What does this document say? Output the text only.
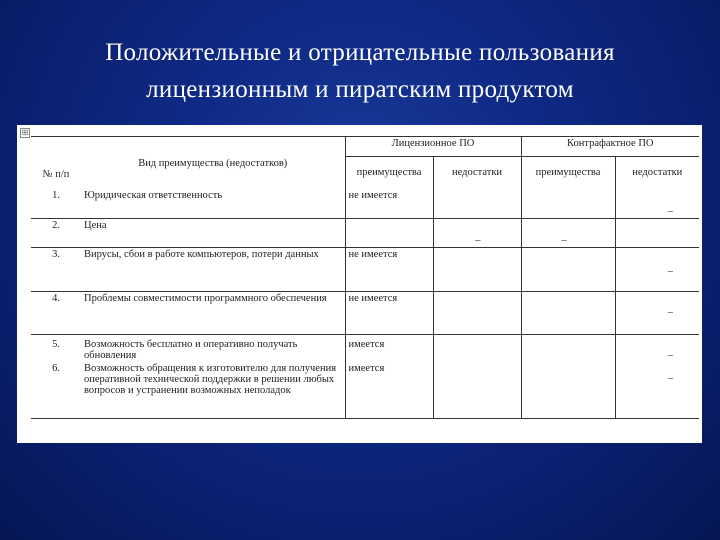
Положительные и отрицательные пользования
лицензионным и пиратским продуктом
⊞
№ п/п	Вид преимущества (недостатков)	Лицензионное ПО		Контрафактное ПО	
		преимущества	недостатки	преимущества	недостатки
1.	Юридическая ответственность	не имеется			–
2.	Цена		–	–	
3.	Вирусы, сбои в работе компьютеров, потери данных	не имеется			–
4.	Проблемы совместимости программного обеспечения	не имеется			–
5.	Возможность бесплатно и оперативно получать обновления	имеется			–
6.	Возможность обращения к изготовителю для получения оперативной технической поддержки в решении любых вопросов и устранении возможных неполадок	имеется			–
